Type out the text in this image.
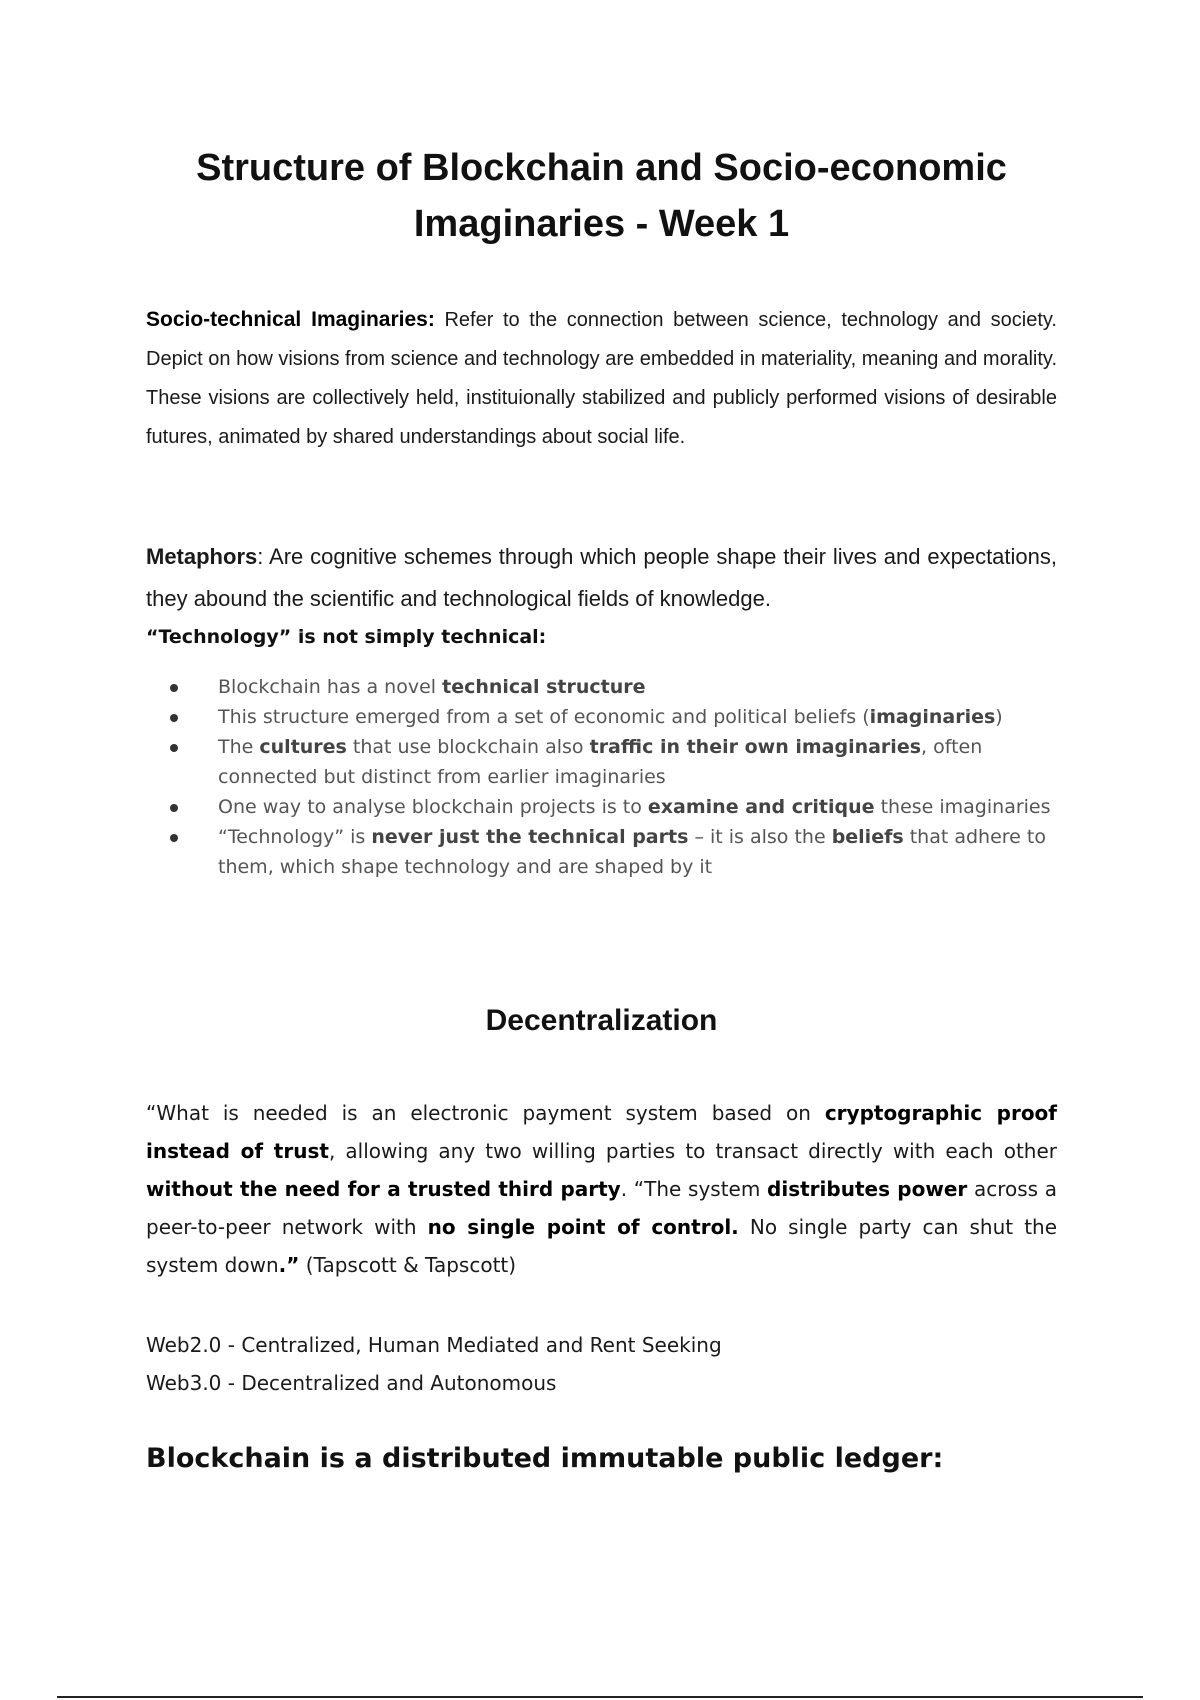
Structure of Blockchain and Socio-economic
Imaginaries - Week 1

Socio-technical Imaginaries: Refer to the connection between science, technology and society. Depict on how visions from science and technology are embedded in materiality, meaning and morality. These visions are collectively held, instituionally stabilized and publicly performed visions of desirable futures, animated by shared understandings about social life.

Metaphors: Are cognitive schemes through which people shape their lives and expectations, they abound the scientific and technological fields of knowledge.

“Technology” is not simply technical:

Blockchain has a novel technical structure
This structure emerged from a set of economic and political beliefs (imaginaries)
The cultures that use blockchain also traffic in their own imaginaries, often connected but distinct from earlier imaginaries
One way to analyse blockchain projects is to examine and critique these imaginaries
“Technology” is never just the technical parts – it is also the beliefs that adhere to them, which shape technology and are shaped by it
Decentralization

“What is needed is an electronic payment system based on cryptographic proof instead of trust, allowing any two willing parties to transact directly with each other without the need for a trusted third party. “The system distributes power across a peer-to-peer network with no single point of control. No single party can shut the system down.” (Tapscott & Tapscott)

Web2.0 - Centralized, Human Mediated and Rent Seeking
Web3.0 - Decentralized and Autonomous
Blockchain is a distributed immutable public ledger:
